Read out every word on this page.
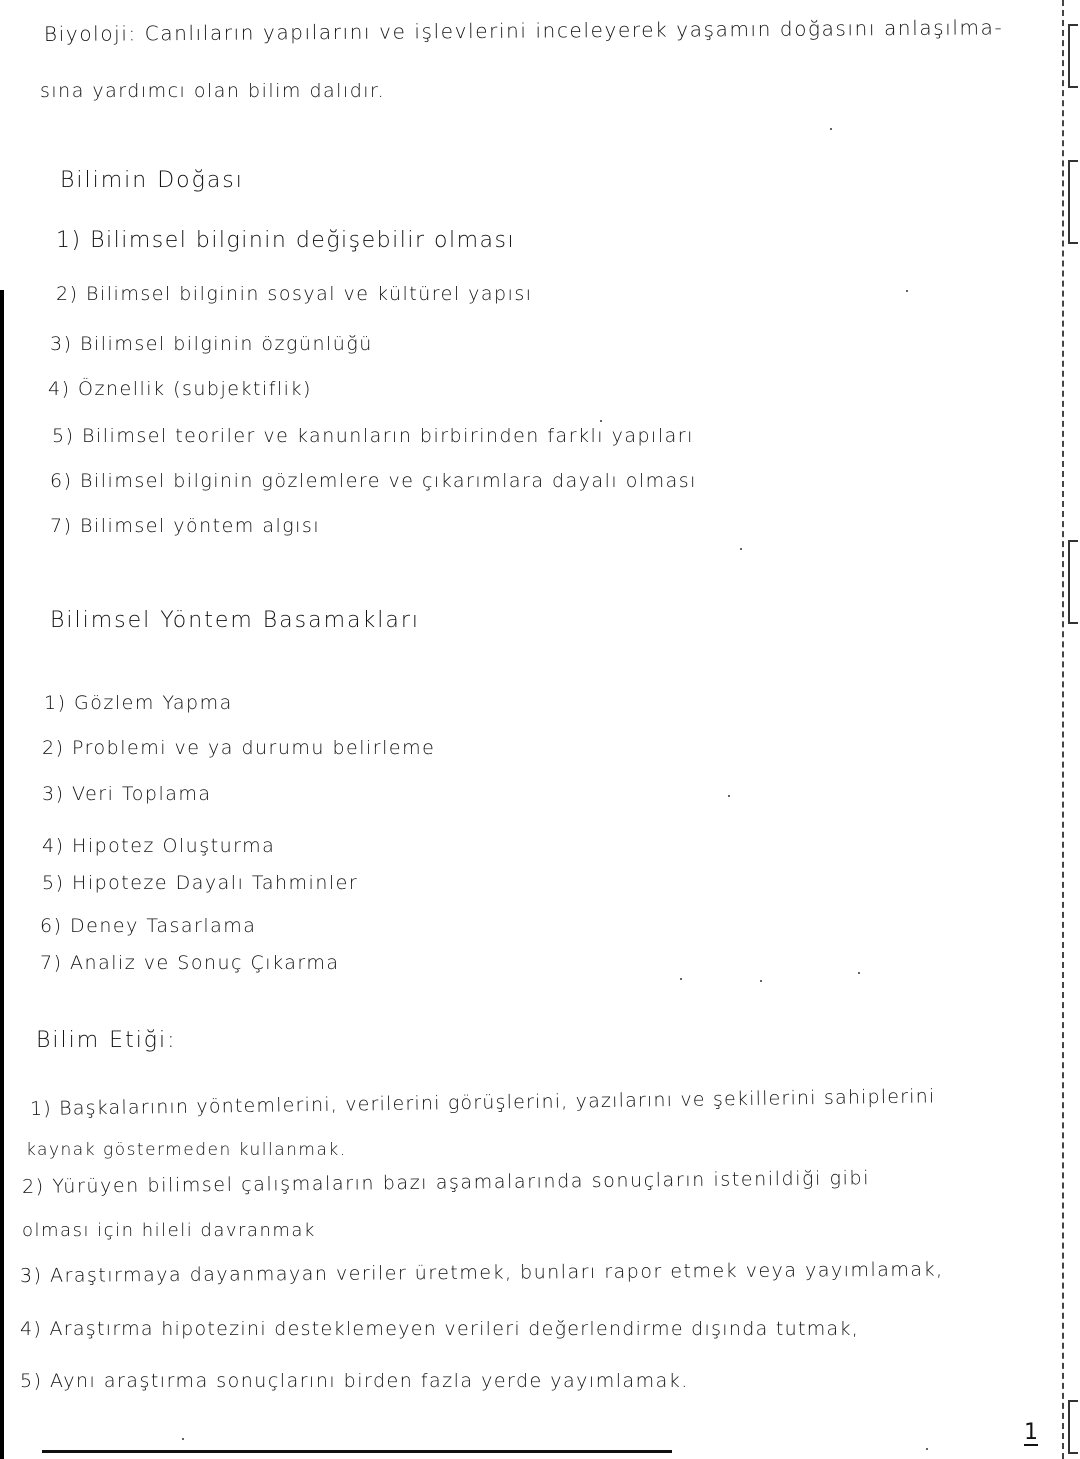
Biyoloji: Canlıların yapılarını ve işlevlerini inceleyerek yaşamın doğasını anlaşılma-
sına yardımcı olan bilim dalıdır.
Bilimin Doğası
1) Bilimsel bilginin değişebilir olması
2) Bilimsel bilginin sosyal ve kültürel yapısı
3) Bilimsel bilginin özgünlüğü
4) Öznellik (subjektiflik)
5) Bilimsel teoriler ve kanunların birbirinden farklı yapıları
6) Bilimsel bilginin gözlemlere ve çıkarımlara dayalı olması
7) Bilimsel yöntem algısı
Bilimsel Yöntem Basamakları
1) Gözlem Yapma
2) Problemi ve ya durumu belirleme
3) Veri Toplama
4) Hipotez Oluşturma
5) Hipoteze Dayalı Tahminler
6) Deney Tasarlama
7) Analiz ve Sonuç Çıkarma
Bilim Etiği:
1) Başkalarının yöntemlerini, verilerini görüşlerini, yazılarını ve şekillerini sahiplerini
kaynak göstermeden kullanmak.
2) Yürüyen bilimsel çalışmaların bazı aşamalarında sonuçların istenildiği gibi
olması için hileli davranmak
3) Araştırmaya dayanmayan veriler üretmek, bunları rapor etmek veya yayımlamak,
4) Araştırma hipotezini desteklemeyen verileri değerlendirme dışında tutmak,
5) Aynı araştırma sonuçlarını birden fazla yerde yayımlamak.
1
